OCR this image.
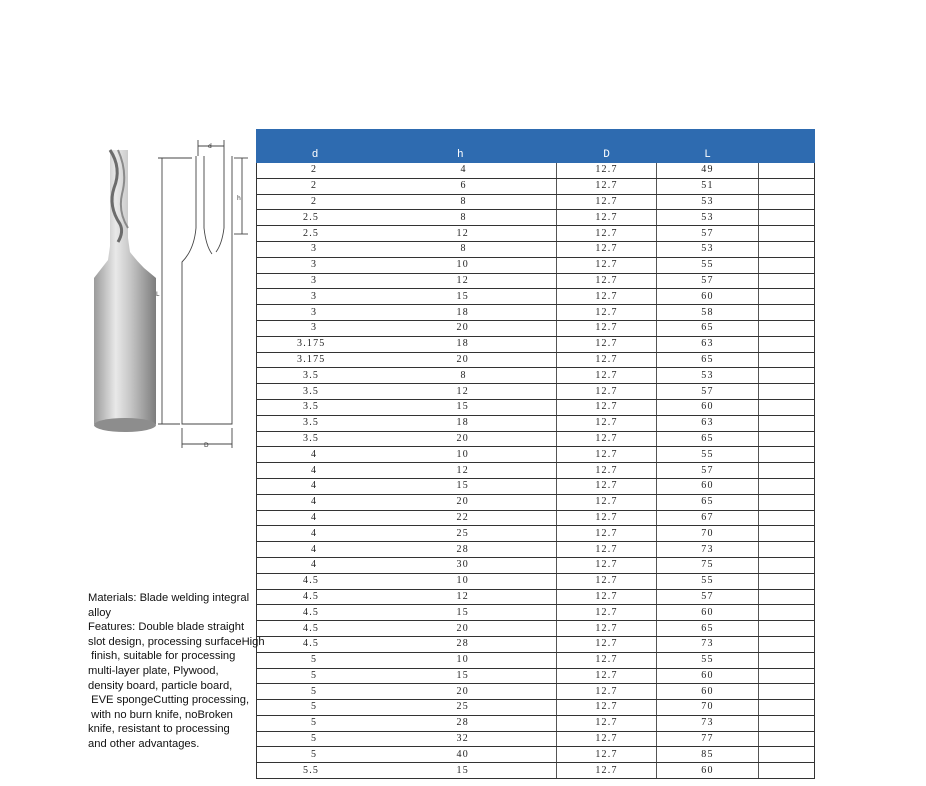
d
h
L
D
d	h	D	L	
2	4	12.7	49	
2	6	12.7	51	
2	8	12.7	53	
2.5	8	12.7	53	
2.5	12	12.7	57	
3	8	12.7	53	
3	10	12.7	55	
3	12	12.7	57	
3	15	12.7	60	
3	18	12.7	58	
3	20	12.7	65	
3.175	18	12.7	63	
3.175	20	12.7	65	
3.5	8	12.7	53	
3.5	12	12.7	57	
3.5	15	12.7	60	
3.5	18	12.7	63	
3.5	20	12.7	65	
4	10	12.7	55	
4	12	12.7	57	
4	15	12.7	60	
4	20	12.7	65	
4	22	12.7	67	
4	25	12.7	70	
4	28	12.7	73	
4	30	12.7	75	
4.5	10	12.7	55	
4.5	12	12.7	57	
4.5	15	12.7	60	
4.5	20	12.7	65	
4.5	28	12.7	73	
5	10	12.7	55	
5	15	12.7	60	
5	20	12.7	60	
5	25	12.7	70	
5	28	12.7	73	
5	32	12.7	77	
5	40	12.7	85	
5.5	15	12.7	60	

Materials: Blade welding integral

alloy

Features: Double blade straight

slot design, processing surfaceHigh

finish, suitable for processing

multi-layer plate, Plywood,

density board, particle board,

EVE spongeCutting processing,

with no burn knife, noBroken

knife, resistant to processing

and other advantages.
